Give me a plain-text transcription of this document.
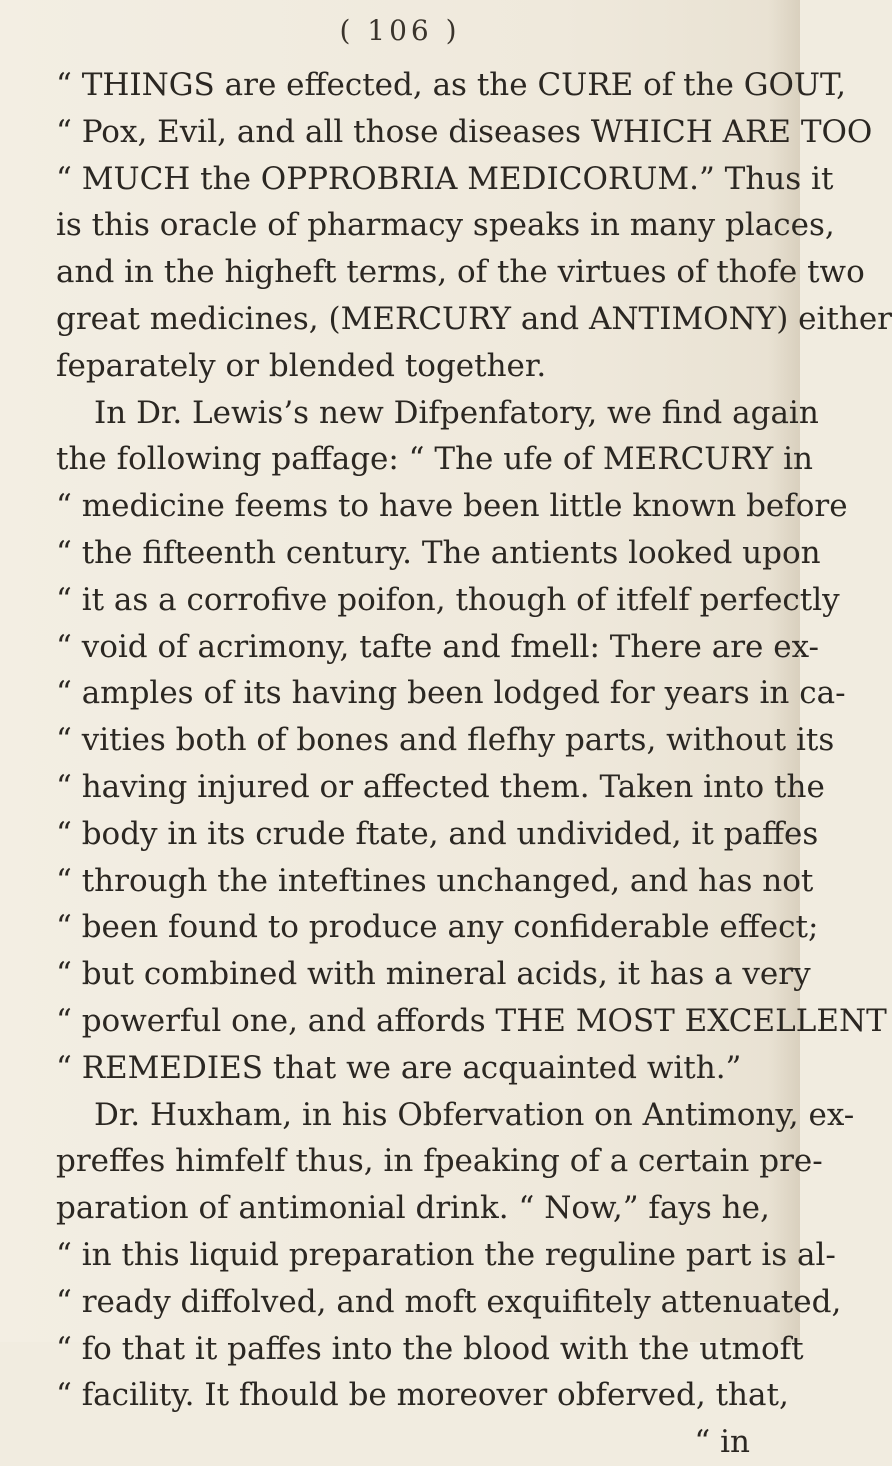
( 106 )
“ THINGS are effected, as the CURE of the GOUT,
“ Pox, Evil, and all those diseases WHICH ARE TOO
“ MUCH the OPPROBRIA MEDICORUM.” Thus it
is this oracle of pharmacy speaks in many places,
and in the higheft terms, of the virtues of thofe two
great medicines, (MERCURY and ANTIMONY) either
feparately or blended together.
In Dr. Lewis’s new Difpenfatory, we find again
the following paffage: “ The ufe of MERCURY in
“ medicine feems to have been little known before
“ the fifteenth century. The antients looked upon
“ it as a corrofive poifon, though of itfelf perfectly
“ void of acrimony, tafte and fmell: There are ex-
“ amples of its having been lodged for years in ca-
“ vities both of bones and flefhy parts, without its
“ having injured or affected them. Taken into the
“ body in its crude ftate, and undivided, it paffes
“ through the inteftines unchanged, and has not
“ been found to produce any confiderable effect;
“ but combined with mineral acids, it has a very
“ powerful one, and affords THE MOST EXCELLENT
“ REMEDIES that we are acquainted with.”
Dr. Huxham, in his Obfervation on Antimony, ex-
preffes himfelf thus, in fpeaking of a certain pre-
paration of antimonial drink. “ Now,” fays he,
“ in this liquid preparation the reguline part is al-
“ ready diffolved, and moft exquifitely attenuated,
“ fo that it paffes into the blood with the utmoft
“ facility. It fhould be moreover obferved, that,
“ in
